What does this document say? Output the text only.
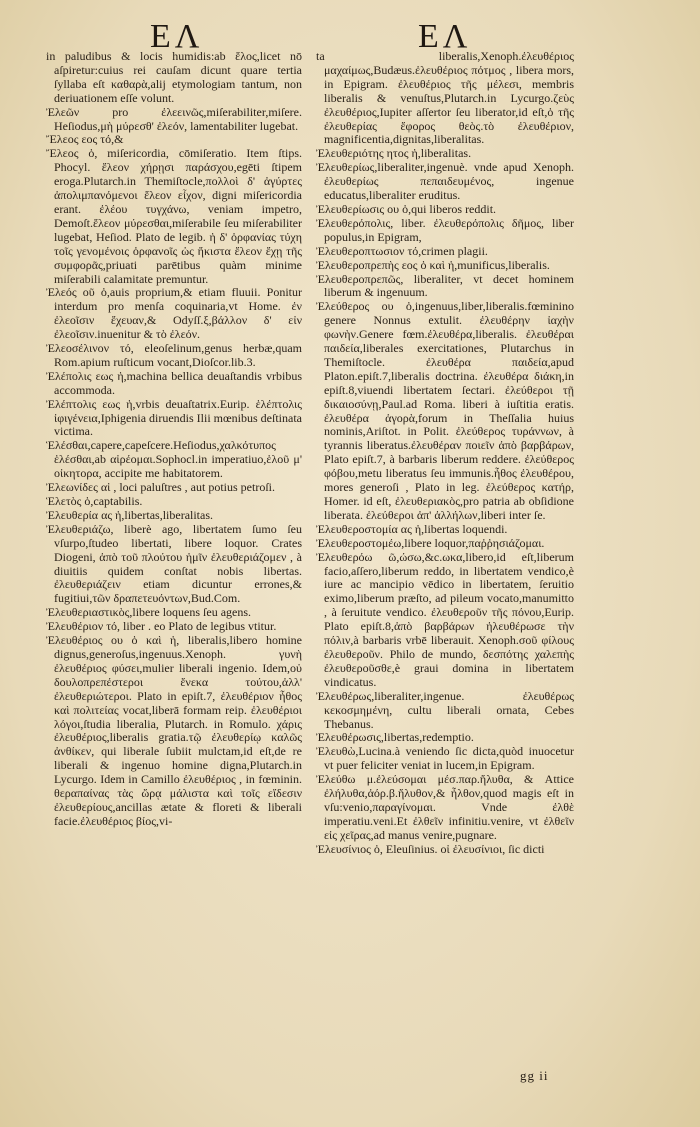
ΕΛ	ΕΛ

in paludibus & locis humidis:ab ἕλος,licet nō aſpiretur:cuius rei cauſam dicunt quare tertia ſyllaba eſt καθαρὰ,alij etymologiam tantum, non deriuationem eſſe volunt.

Ἐλεῶν pro ἐλεεινῶς,miſerabiliter,miſere. Heſiodus,μὴ μύρεσθ' ἐλεόν, lamentabiliter lugebat.

Ἔλεος εος τό,&

Ἔλεος ὁ, miſericordia, cōmiſeratio. Item ſtips. Phocyl. ἔλεον χήρῃσι παράσχου,egēti ſtipem eroga.Plutarch.in Themiſtocle,πολλοὶ δ' ἀγύρτες ἀπολιμπανόμενοι ἔλεον εἶχον, digni miſericordia erant. ἐλέου τυγχάνω, veniam impetro, Demoſt.ἔλεον μύρεσθαι,miſerabile ſeu miſerabiliter lugebat, Heſiod. Plato de legib. ἡ δ' ὀρφανίας τύχη τοῖς γενομένοις ὀρφανοῖς ὡς ἥκιστα ἔλεον ἔχῃ τῆς συμφορᾶς,priuati parētibus quàm minime miſerabili calamitate premuntur.

Ἐλεός οῦ ὁ,auis proprium,& etiam fluuii. Ponitur interdum pro menſa coquinaria,vt Home. ἐν ἐλεοῖσιν ἔχευαν,& Odyſſ.ξ,βάλλον δ' εἰν ἐλεοῖσιν.inuenitur & τὸ ἐλεόν.

Ἐλεοσέλινον τό, eleoſelinum,genus herbæ,quam Rom.apium ruſticum vocant,Dioſcor.lib.3.

Ἐλέπολις εως ἡ,machina bellica deuaſtandis vrbibus accommoda.

Ἐλέπτολις εως ἡ,vrbis deuaſtatrix.Eurip. ἑλέπτολις ἰφιγένεια,Iphigenia diruendis Ilii mœnibus deſtinata victima.

Ἑλέσθαι,capere,capeſcere.Heſiodus,χαλκότυπος ἑλέσθαι,ab αἱρέομαι.Sophocl.in imperatiuo,ἑλοῦ μ' οἰκητορα, accipite me habitatorem.

Ἐλεωνίδες αἱ , loci paluſtres , aut potius petroſi.

Ἑλετὸς ὁ,captabilis.

Ἐλευθερία ας ἡ,libertas,liberalitas.

Ἐλευθεριάζω, liberè ago, libertatem ſumo ſeu vſurpo,ſtudeo libertati, libere loquor. Crates Diogeni, ἀπὸ τοῦ πλούτου ἡμῖν ἐλευθεριάζομεν , à diuitiis quidem conſtat nobis libertas. ἐλευθεριάζειν etiam dicuntur errones,& fugitiui,τῶν δραπετευόντων,Bud.Com.

Ἐλευθεριαστικὸς,libere loquens ſeu agens.

Ἐλευθέριον τό, liber . eo Plato de legibus vtitur.

Ἐλευθέριος ου ὁ καὶ ἡ, liberalis,libero homine dignus,generoſus,ingenuus.Xenoph. γυνὴ ἐλευθέριος φύσει,mulier liberali ingenio. Idem,οὐ δουλοπρεπέστεροι ἕνεκα τούτου,ἀλλ' ἐλευθεριώτεροι. Plato in epiſt.7, ἐλευθέριον ἦθος καὶ πολιτείας vocat,liberā formam reip. ἐλευθέριοι λόγοι,ſtudia liberalia, Plutarch. in Romulo. χάρις ἐλευθέριος,liberalis gratia.τῷ ἐλευθερίῳ καλῶς ἀνθίκεν, qui liberale ſubiit mulctam,id eſt,de re liberali & ingenuo homine digna,Plutarch.in Lycurgo. Idem in Camillo ἐλευθέριος , in fœminin. θεραπαίνας τὰς ὥρᾳ μάλιστα καὶ τοῖς εἴδεσιν ἐλευθερίους,ancillas ætate & floreti & liberali facie.ἐλευθέριος βίος,vi-

ta liberalis,Xenoph.ἐλευθέριος μαχαίμως,Budæus.ἐλευθέριος πότμος , libera mors, in Epigram. ἐλευθέριος τῆς μέλεσι, membris liberalis & venuſtus,Plutarch.in Lycurgo.ζεὺς ἐλευθέριος,Iupiter aſſertor ſeu liberator,id eſt,ὁ τῆς ἐλευθερίας ἔφορος θεὸς.τὸ ἐλευθέριον, magnificentia,dignitas,liberalitas.

Ἐλευθεριότης ητος ἡ,liberalitas.

Ἐλευθερίως,liberaliter,ingenuè. vnde apud Xenoph. ἐλευθερίως πεπαιδευμένος, ingenue educatus,liberaliter eruditus.

Ἐλευθερίωσις ου ὁ,qui liberos reddit.

Ἐλευθερόπολις, liber. ἐλευθερόπολις δῆμος, liber populus,in Epigram,

Ἐλευθεροπτωσιον τό,crimen plagii.

Ἐλευθεροπρεπὴς εος ὁ καὶ ἡ,munificus,liberalis.

Ἐλευθεροπρεπῶς, liberaliter, vt decet hominem liberum & ingenuum.

Ἐλεύθερος ου ὁ,ingenuus,liber,liberalis.fœminino genere Nonnus extulit. ἐλευθέρην ἰαχὴν φωνὴν.Genere fœm.ἐλευθέρα,liberalis. ἐλευθέραι παιδεία,liberales exercitationes, Plutarchus in Themiſtocle. ἐλευθέρα παιδεία,apud Platon.epiſt.7,liberalis doctrina. ἐλευθέρα διάκη,in epiſt.8,viuendi libertatem ſectari. ἐλεύθεροι τῇ δικαιοσύνῃ,Paul.ad Roma. liberi à iuſtitia eratis. ἐλευθέρα ἀγορὰ,forum in Theſſalia huius nominis,Ariſtot. in Polit. ἐλεύθερος τυράννων, à tyrannis liberatus.ἐλευθέραν ποιεῖν ἀπὸ βαρβάρων, Plato epiſt.7, à barbaris liberum reddere. ἐλεύθερος φόβου,metu liberatus ſeu immunis.ἦθος ἐλευθέρου, mores generoſi , Plato in leg. ἐλεύθερος κατήρ, Homer. id eſt, ἐλευθεριακὸς,pro patria ab obſidione liberata. ἐλεύθεροι ἀπ' ἀλλήλων,liberi inter ſe.

Ἐλευθεροστομία ας ἡ,libertas loquendi.

Ἐλευθεροστομέω,libere loquor,παῤῥησιάζομαι.

Ἐλευθερόω ῶ,ώσω,&c.ωκα,libero,id eſt,liberum facio,aſſero,liberum reddo, in libertatem vendico,è iure ac mancipio vēdico in libertatem, ſeruitio eximo,liberum præſto, ad pileum vocato,manumitto , à ſeruitute vendico. ἐλευθεροῦν τῆς πόνου,Eurip. Plato epiſt.8,ἀπὸ βαρβάρων ἠλευθέρωσε τὴν πόλιν,à barbaris vrbē liberauit. Xenoph.σοῦ φίλους ἐλευθεροῦν. Philo de mundo, δεσπότης χαλεπὴς ἐλευθεροῦσθε,è graui domina in libertatem vindicatus.

Ἐλευθέρως,liberaliter,ingenue. ἐλευθέρως κεκοσμημένη, cultu liberali ornata, Cebes Thebanus.

Ἐλευθέρωσις,libertas,redemptio.

Ἐλευθὼ,Lucina.à veniendo ſic dicta,quòd inuocetur vt puer feliciter veniat in lucem,in Epigram.

Ἐλεύθω μ.ἐλεύσομαι μέσ.παρ.ἤλυθα, & Attice ἐλήλυθα,ἀόρ.β.ἤλυθον,& ἦλθον,quod magis eſt in vſu:venio,παραγίνομαι. Vnde ἐλθὲ imperatiu.veni.Et ἐλθεῖν infinitiu.venire, vt ἐλθεῖν εἰς χεῖρας,ad manus venire,pugnare.

Ἐλευσίνιος ὁ, Eleuſinius. οἱ ἐλευσίνιοι, ſic dicti

gg ii
